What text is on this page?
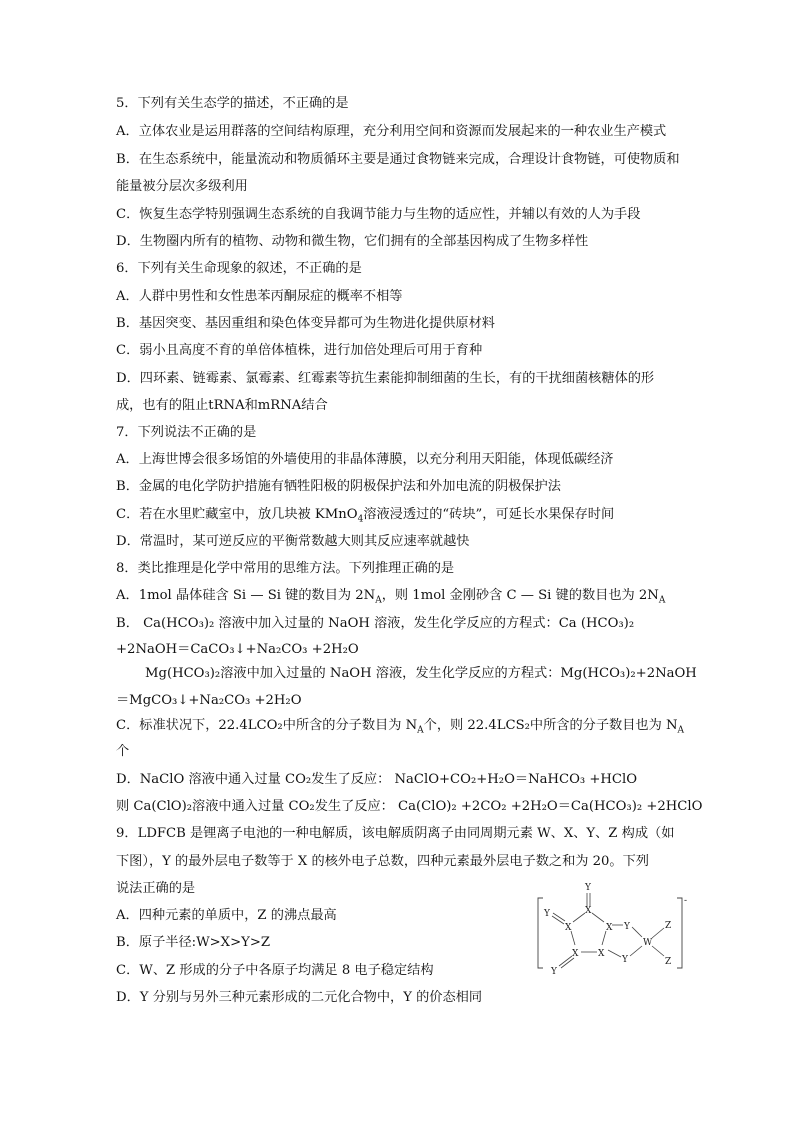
5．下列有关生态学的描述，不正确的是
A．立体农业是运用群落的空间结构原理，充分利用空间和资源而发展起来的一种农业生产模式
B．在生态系统中，能量流动和物质循环主要是通过食物链来完成，合理设计食物链，可使物质和
能量被分层次多级利用
C．恢复生态学特别强调生态系统的自我调节能力与生物的适应性，并辅以有效的人为手段
D．生物圈内所有的植物、动物和微生物，它们拥有的全部基因构成了生物多样性
6．下列有关生命现象的叙述，不正确的是
A．人群中男性和女性患苯丙酮尿症的概率不相等
B．基因突变、基因重组和染色体变异都可为生物进化提供原材料
C．弱小且高度不育的单倍体植株，进行加倍处理后可用于育种
D．四环素、链霉素、氯霉素、红霉素等抗生素能抑制细菌的生长，有的干扰细菌核糖体的形
成，也有的阻止tRNA和mRNA结合
7．下列说法不正确的是
A．上海世博会很多场馆的外墙使用的非晶体薄膜，以充分利用天阳能，体现低碳经济
B．金属的电化学防护措施有牺牲阳极的阴极保护法和外加电流的阴极保护法
C．若在水里贮藏室中，放几块被 KMnO$_4$溶液浸透过的“砖块”，可延长水果保存时间
D．常温时，某可逆反应的平衡常数越大则其反应速率就越快
8．类比推理是化学中常用的思维方法。下列推理正确的是
A．1mol 晶体硅含 Si — Si 键的数目为 $2N_A$，则 1mol 金刚砂含 C — Si 键的数目也为 $2N_A$
B． Ca(HCO₃)₂ 溶液中加入过量的 NaOH 溶液，发生化学反应的方程式：Ca (HCO₃)₂
+2NaOH＝CaCO₃↓+Na₂CO₃ +2H₂O
Mg(HCO₃)₂溶液中加入过量的 NaOH 溶液，发生化学反应的方程式：Mg(HCO₃)₂+2NaOH
＝MgCO₃↓+Na₂CO₃ +2H₂O
C．标准状况下，22.4LCO₂中所含的分子数目为 $N_A$个，则 22.4LCS₂中所含的分子数目也为 $N_A$
个
D．NaClO 溶液中通入过量 CO₂发生了反应： NaClO+CO₂+H₂O＝NaHCO₃ +HClO
则 Ca(ClO)₂溶液中通入过量 CO₂发生了反应： Ca(ClO)₂ +2CO₂ +2H₂O＝Ca(HCO₃)₂ +2HClO
9．LDFCB 是锂离子电池的一种电解质，该电解质阴离子由同周期元素 W、X、Y、Z 构成（如
下图），Y 的最外层电子数等于 X 的核外电子总数，四种元素最外层电子数之和为 20。下列
说法正确的是
A．四种元素的单质中，Z 的沸点最高
B．原子半径:W>X>Y>Z
C．W、Z 形成的分子中各原子均满足 8 电子稳定结构
D．Y 分别与另外三种元素形成的二元化合物中，Y 的价态相同
-
Y
X
X	X
X X
Y
Y
Y
Y
W
Z
Z
